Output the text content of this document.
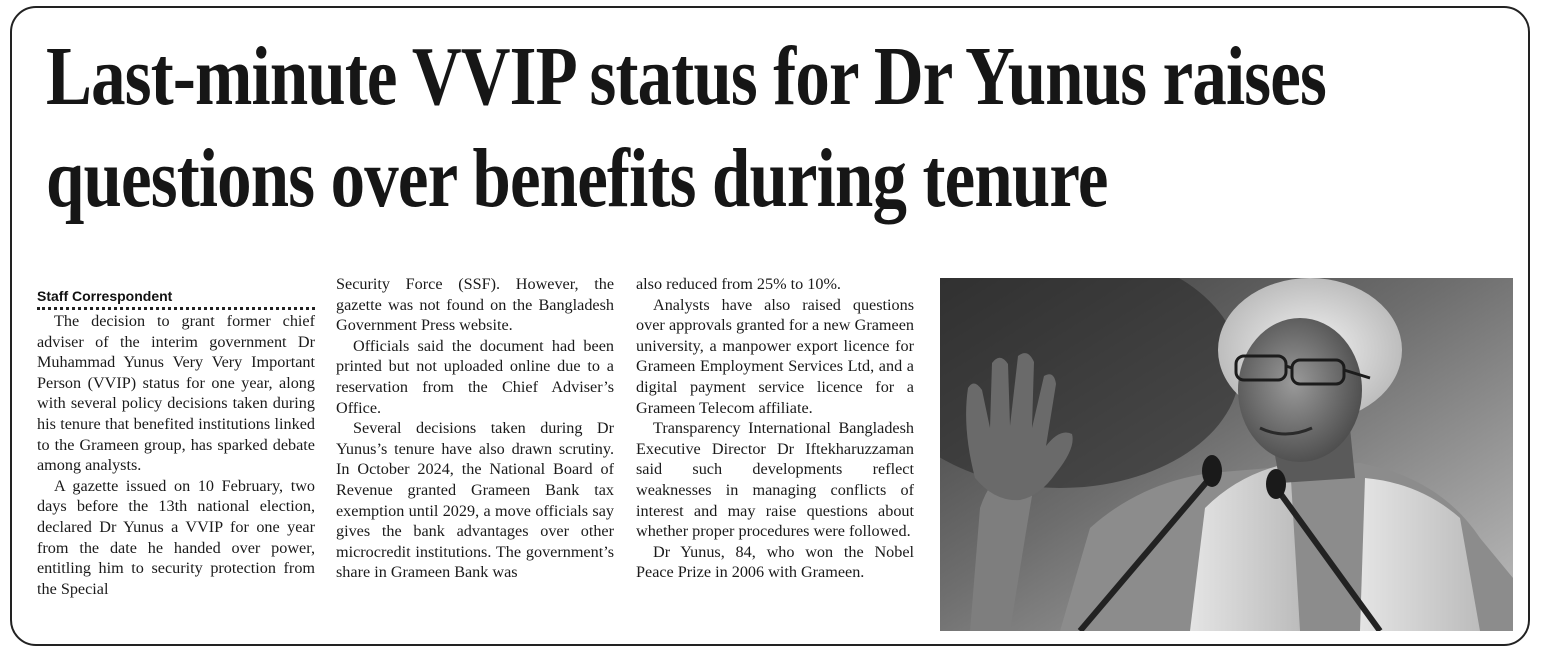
Last-minute VVIP status for Dr Yunus raises
questions over benefits during tenure
Staff Correspondent

The decision to grant former chief adviser of the interim government Dr Muhammad Yunus Very Very Important Person (VVIP) status for one year, along with several policy decisions taken during his tenure that benefited institutions linked to the Grameen group, has sparked debate among analysts.

A gazette issued on 10 February, two days before the 13th national election, declared Dr Yunus a VVIP for one year from the date he handed over power, entitling him to security protection from the Special

Security Force (SSF). However, the gazette was not found on the Bangladesh Government Press website.

Officials said the document had been printed but not uploaded online due to a reservation from the Chief Adviser’s Office.

Several decisions taken during Dr Yunus’s tenure have also drawn scrutiny. In October 2024, the National Board of Revenue granted Grameen Bank tax exemption until 2029, a move officials say gives the bank advantages over other microcredit institutions. The government’s share in Grameen Bank was

also reduced from 25% to 10%.

Analysts have also raised questions over approvals granted for a new Grameen university, a manpower export licence for Grameen Employment Services Ltd, and a digital payment service licence for a Grameen Telecom affiliate.

Transparency International Bangladesh Executive Director Dr Iftekharuzzaman said such developments reflect weaknesses in managing conflicts of interest and may raise questions about whether proper procedures were followed.

Dr Yunus, 84, who won the Nobel Peace Prize in 2006 with Grameen.
